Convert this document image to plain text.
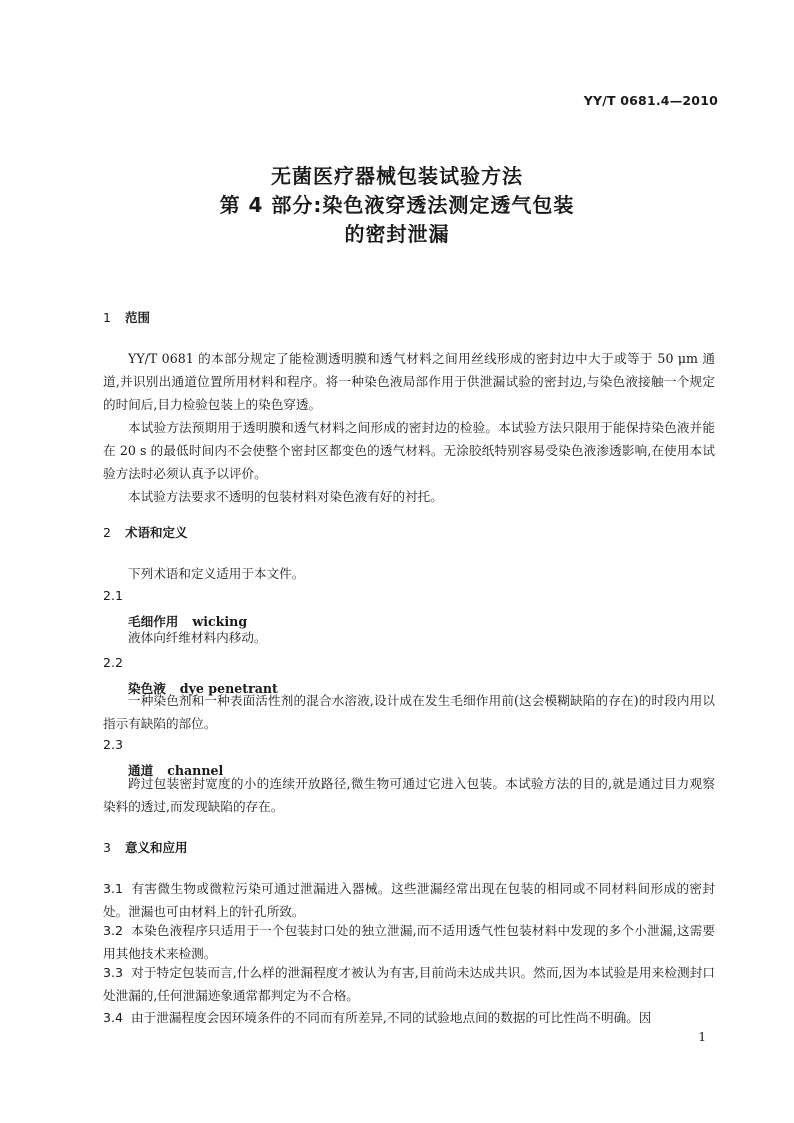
YY/T 0681.4—2010
无菌医疗器械包装试验方法
第 4 部分:染色液穿透法测定透气包装
的密封泄漏
1 范围

YY/T 0681 的本部分规定了能检测透明膜和透气材料之间用丝线形成的密封边中大于或等于 50 μm 通道,并识别出通道位置所用材料和程序。将一种染色液局部作用于供泄漏试验的密封边,与染色液接触一个规定的时间后,目力检验包装上的染色穿透。

本试验方法预期用于透明膜和透气材料之间形成的密封边的检验。本试验方法只限用于能保持染色液并能在 20 s 的最低时间内不会使整个密封区都变色的透气材料。无涂胶纸特别容易受染色液渗透影响,在使用本试验方法时必须认真予以评价。

本试验方法要求不透明的包装材料对染色液有好的衬托。

2 术语和定义

下列术语和定义适用于本文件。

2.1
毛细作用 wicking
液体向纤维材料内移动。
2.2
染色液 dye penetrant
一种染色剂和一种表面活性剂的混合水溶液,设计成在发生毛细作用前(这会模糊缺陷的存在)的时段内用以指示有缺陷的部位。
2.3
通道 channel
跨过包装密封宽度的小的连续开放路径,微生物可通过它进入包装。本试验方法的目的,就是通过目力观察染料的透过,而发现缺陷的存在。
3 意义和应用
3.1 有害微生物或微粒污染可通过泄漏进入器械。这些泄漏经常出现在包装的相同或不同材料间形成的密封处。泄漏也可由材料上的针孔所致。
3.2 本染色液程序只适用于一个包装封口处的独立泄漏,而不适用透气性包装材料中发现的多个小泄漏,这需要用其他技术来检测。
3.3 对于特定包装而言,什么样的泄漏程度才被认为有害,目前尚未达成共识。然而,因为本试验是用来检测封口处泄漏的,任何泄漏迹象通常都判定为不合格。
3.4 由于泄漏程度会因环境条件的不同而有所差异,不同的试验地点间的数据的可比性尚不明确。因
1
